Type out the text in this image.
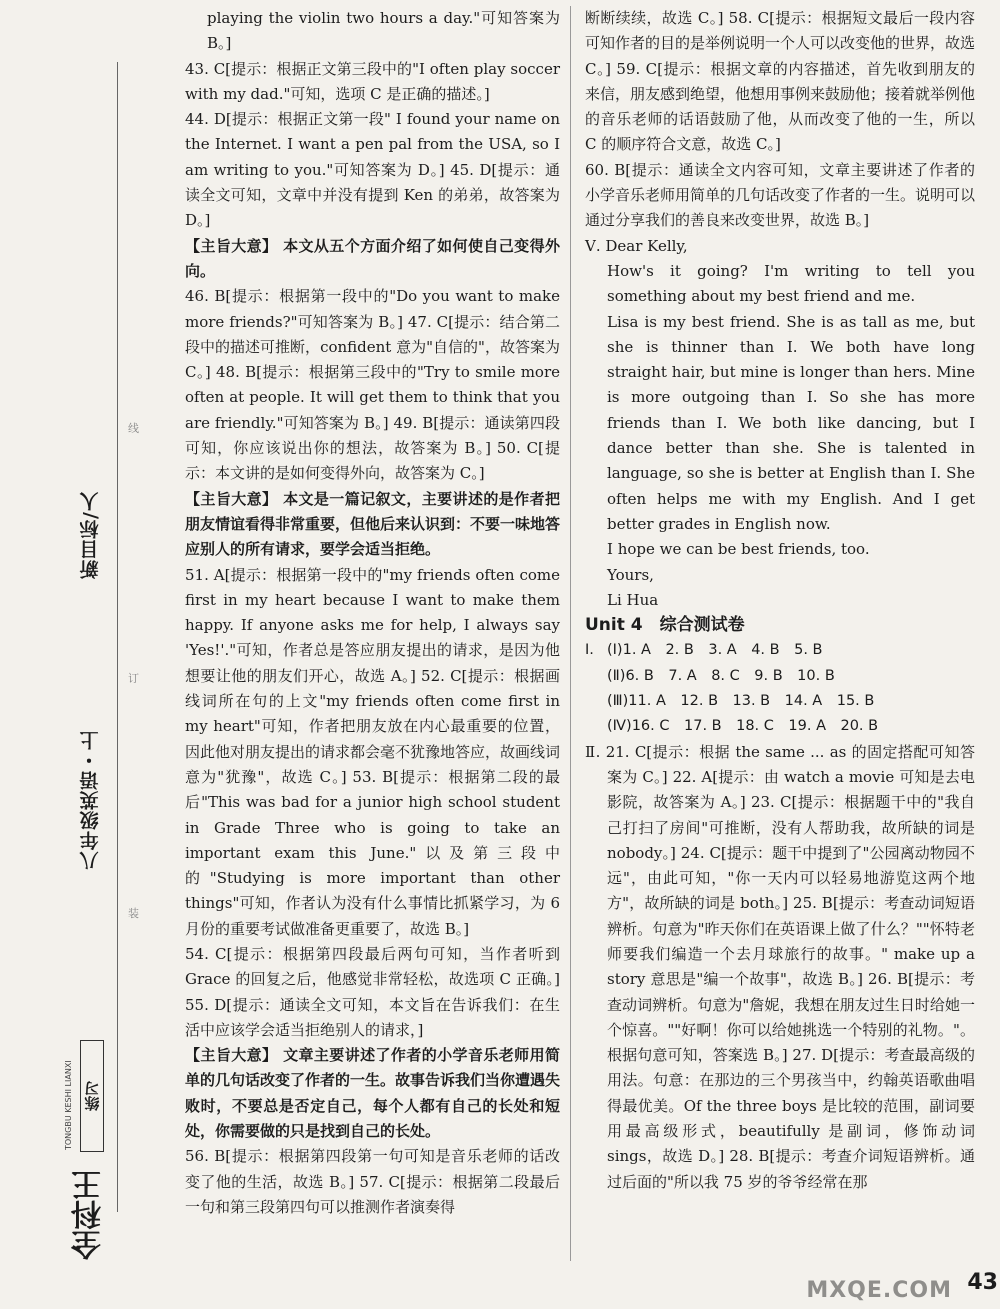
线
订
装
八年级英语・上
新目标/人
TONGBU KESHI LIANXI 练习
全科王

playing the violin two hours a day."可知答案为 B。]

43. C[提示：根据正文第三段中的"I often play soccer with my dad."可知，选项 C 是正确的描述。]

44. D[提示：根据正文第一段" I found your name on the Internet. I want a pen pal from the USA, so I am writing to you."可知答案为 D。] 45. D[提示：通读全文可知，文章中并没有提到 Ken 的弟弟，故答案为 D。]

【主旨大意】 本文从五个方面介绍了如何使自己变得外向。

46. B[提示：根据第一段中的"Do you want to make more friends?"可知答案为 B。] 47. C[提示：结合第二段中的描述可推断，confident 意为"自信的"，故答案为 C。] 48. B[提示：根据第三段中的"Try to smile more often at people. It will get them to think that you are friendly."可知答案为 B。] 49. B[提示：通读第四段可知，你应该说出你的想法，故答案为 B。] 50. C[提示：本文讲的是如何变得外向，故答案为 C。]

【主旨大意】 本文是一篇记叙文，主要讲述的是作者把朋友情谊看得非常重要，但他后来认识到：不要一味地答应别人的所有请求，要学会适当拒绝。

51. A[提示：根据第一段中的"my friends often come first in my heart because I want to make them happy. If anyone asks me for help, I always say 'Yes!'."可知，作者总是答应朋友提出的请求，是因为他想要让他的朋友们开心，故选 A。] 52. C[提示：根据画线词所在句的上文"my friends often come first in my heart"可知，作者把朋友放在内心最重要的位置，因此他对朋友提出的请求都会毫不犹豫地答应，故画线词意为"犹豫"，故选 C。] 53. B[提示：根据第二段的最后"This was bad for a junior high school student in Grade Three who is going to take an important exam this June."以及第三段中的"Studying is more important than other things"可知，作者认为没有什么事情比抓紧学习，为 6 月份的重要考试做准备更重要了，故选 B。]

54. C[提示：根据第四段最后两句可知，当作者听到 Grace 的回复之后，他感觉非常轻松，故选项 C 正确。] 55. D[提示：通读全文可知，本文旨在告诉我们：在生活中应该学会适当拒绝别人的请求，]

【主旨大意】 文章主要讲述了作者的小学音乐老师用简单的几句话改变了作者的一生。故事告诉我们当你遭遇失败时，不要总是否定自己，每个人都有自己的长处和短处，你需要做的只是找到自己的长处。

56. B[提示：根据第四段第一句可知是音乐老师的话改变了他的生活，故选 B。] 57. C[提示：根据第二段最后一句和第三段第四句可以推测作者演奏得

断断续续，故选 C。] 58. C[提示：根据短文最后一段内容可知作者的目的是举例说明一个人可以改变他的世界，故选 C。] 59. C[提示：根据文章的内容描述，首先收到朋友的来信，朋友感到绝望，他想用事例来鼓励他；接着就举例他的音乐老师的话语鼓励了他，从而改变了他的一生，所以 C 的顺序符合文意，故选 C。]

60. B[提示：通读全文内容可知，文章主要讲述了作者的小学音乐老师用简单的几句话改变了作者的一生。说明可以通过分享我们的善良来改变世界，故选 B。]

Ⅴ. Dear Kelly,

How's it going? I'm writing to tell you something about my best friend and me.

Lisa is my best friend. She is as tall as me, but she is thinner than I. We both have long straight hair, but mine is longer than hers. Mine is more outgoing than I. So she has more friends than I. We both like dancing, but I dance better than she. She is talented in language, so she is better at English than I. She often helps me with my English. And I get better grades in English now.

I hope we can be best friends, too.

Yours,

Li Hua

Unit 4　综合测试卷

Ⅰ. (Ⅰ)1. A　2. B　3. A　4. B　5. B
(Ⅱ)6. B　7. A　8. C　9. B　10. B
(Ⅲ)11. A　12. B　13. B　14. A　15. B
(Ⅳ)16. C　17. B　18. C　19. A　20. B

Ⅱ. 21. C[提示：根据 the same ... as 的固定搭配可知答案为 C。] 22. A[提示：由 watch a movie 可知是去电影院，故答案为 A。] 23. C[提示：根据题干中的"我自己打扫了房间"可推断，没有人帮助我，故所缺的词是 nobody。] 24. C[提示：题干中提到了"公园离动物园不远"，由此可知，"你一天内可以轻易地游览这两个地方"，故所缺的词是 both。] 25. B[提示：考查动词短语辨析。句意为"昨天你们在英语课上做了什么？""怀特老师要我们编造一个去月球旅行的故事。" make up a story 意思是"编一个故事"，故选 B。] 26. B[提示：考查动词辨析。句意为"詹妮，我想在朋友过生日时给她一个惊喜。""好啊！你可以给她挑选一个特别的礼物。"。根据句意可知，答案选 B。] 27. D[提示：考查最高级的用法。句意：在那边的三个男孩当中，约翰英语歌曲唱得最优美。Of the three boys 是比较的范围，副词要用最高级形式，beautifully 是副词，修饰动词 sings，故选 D。] 28. B[提示：考查介词短语辨析。通过后面的"所以我 75 岁的爷爷经常在那

MXQE.COM 43
